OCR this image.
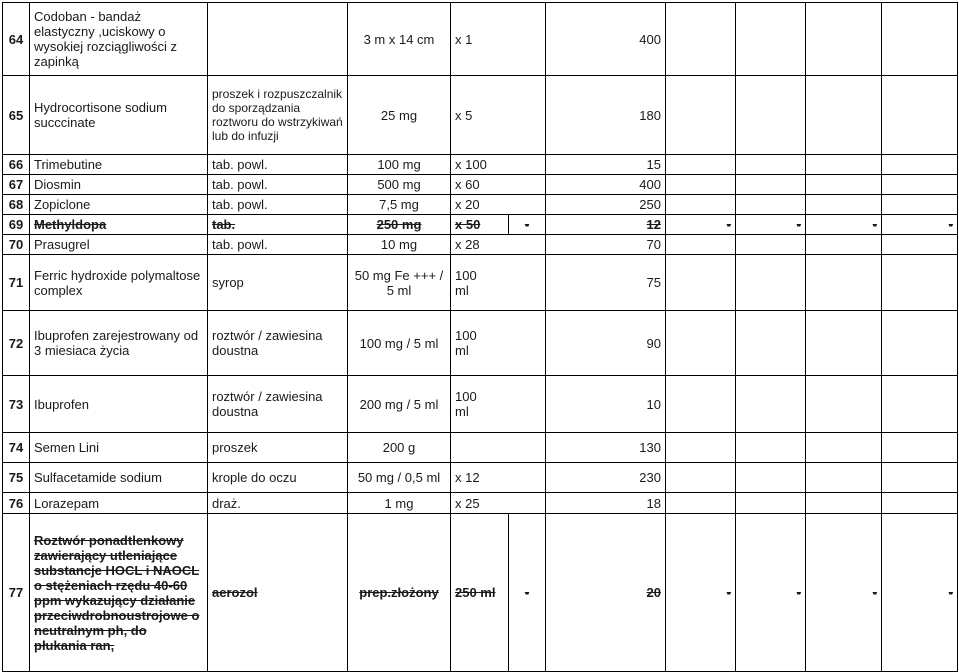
64	Codoban - bandaż elastyczny ,uciskowy o wysokiej rozciągliwości z zapinką		3 m x 14 cm	x 1		400				
65	Hydrocortisone sodium succcinate	proszek i rozpuszczalnik do sporządzania roztworu do wstrzykiwań lub do infuzji	25 mg	x 5		180				
66	Trimebutine	tab. powl.	100 mg	x 100		15				
67	Diosmin	tab. powl.	500 mg	x 60		400				
68	Zopiclone	tab. powl.	7,5 mg	x 20		250				
69	Methyldopa	tab.	250 mg	x 50	-	12	-	-	-	-
70	Prasugrel	tab. powl.	10 mg	x 28		70				
71	Ferric hydroxide polymaltose complex	syrop	50 mg Fe +++ / 5 ml	100 ml		75				
72	Ibuprofen zarejestrowany od 3 miesiaca życia	roztwór / zawiesina doustna	100 mg / 5 ml	100 ml		90				
73	Ibuprofen	roztwór / zawiesina doustna	200 mg / 5 ml	100 ml		10				
74	Semen Lini	proszek	200 g			130				
75	Sulfacetamide sodium	krople do oczu	50 mg / 0,5 ml	x 12		230				
76	Lorazepam	draż.	1 mg	x 25		18				
77	Roztwór ponadtlenkowy zawierający utleniające substancje HOCL i NAOCL o stężeniach rzędu 40-60 ppm wykazujący działanie przeciwdrobnoustrojowe o neutralnym ph, do płukania ran,	aerozol	prep.złożony	250 ml	-	20	-	-	-	-
